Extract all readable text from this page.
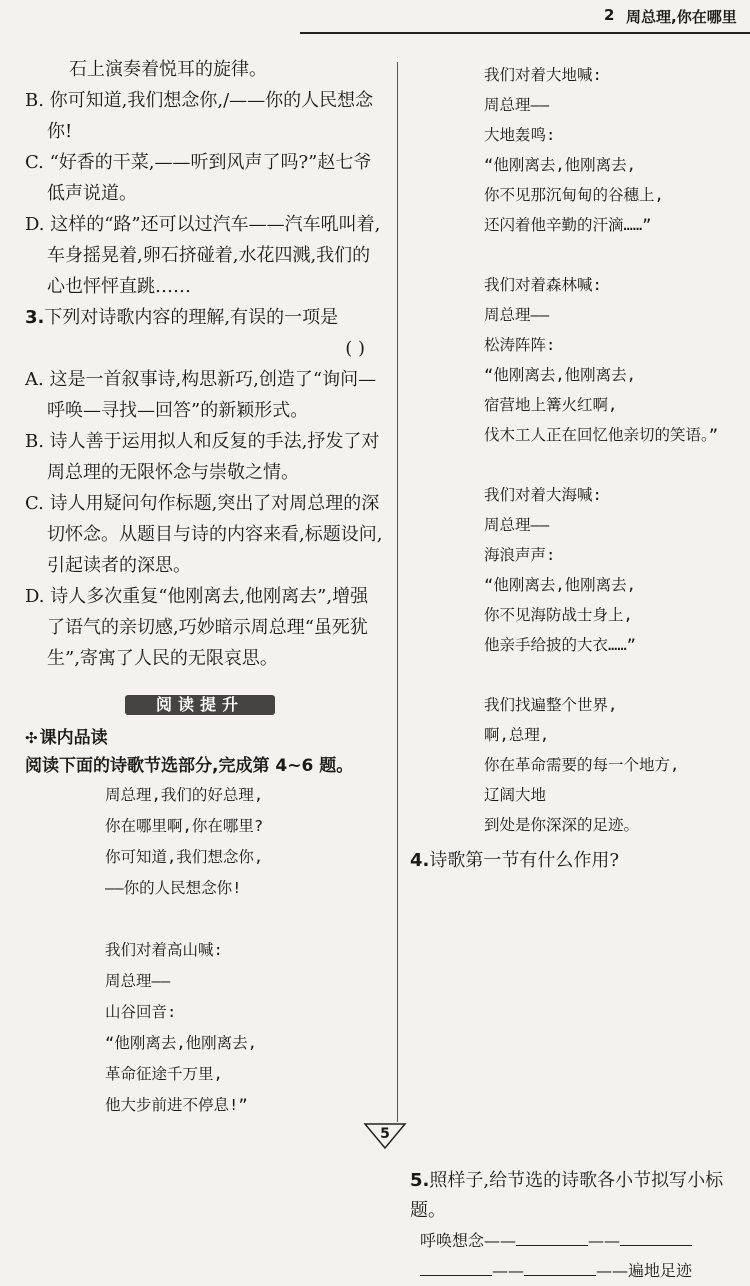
2 周总理,你在哪里

石上演奏着悦耳的旋律。

B. 你可知道,我们想念你,/——你的人民想念你!

C. “好香的干菜,——听到风声了吗?”赵七爷低声说道。

D. 这样的“路”还可以过汽车——汽车吼叫着,车身摇晃着,卵石挤碰着,水花四溅,我们的心也怦怦直跳……

3.下列对诗歌内容的理解,有误的一项是

( )

A. 这是一首叙事诗,构思新巧,创造了“询问—呼唤—寻找—回答”的新颖形式。

B. 诗人善于运用拟人和反复的手法,抒发了对周总理的无限怀念与崇敬之情。

C. 诗人用疑问句作标题,突出了对周总理的深切怀念。从题目与诗的内容来看,标题设问,引起读者的深思。

D. 诗人多次重复“他刚离去,他刚离去”,增强了语气的亲切感,巧妙暗示周总理“虽死犹生”,寄寓了人民的无限哀思。

阅读提升
✣ 课内品读
阅读下面的诗歌节选部分,完成第 4~6 题。
周总理,我们的好总理,
你在哪里啊,你在哪里?
你可知道,我们想念你,
——你的人民想念你!
我们对着高山喊:
周总理——
山谷回音:
“他刚离去,他刚离去,
革命征途千万里,
他大步前进不停息!”
我们对着大地喊:
周总理——
大地轰鸣:
“他刚离去,他刚离去,
你不见那沉甸甸的谷穗上,
还闪着他辛勤的汗滴……”
我们对着森林喊:
周总理——
松涛阵阵:
“他刚离去,他刚离去,
宿营地上篝火红啊,
伐木工人正在回忆他亲切的笑语。”
我们对着大海喊:
周总理——
海浪声声:
“他刚离去,他刚离去,
你不见海防战士身上,
他亲手给披的大衣……”
我们找遍整个世界,
啊,总理,
你在革命需要的每一个地方,
辽阔大地
到处是你深深的足迹。
4.诗歌第一节有什么作用?
5.照样子,给节选的诗歌各小节拟写小标题。
呼唤想念——	——
——	——遍地足迹
5
